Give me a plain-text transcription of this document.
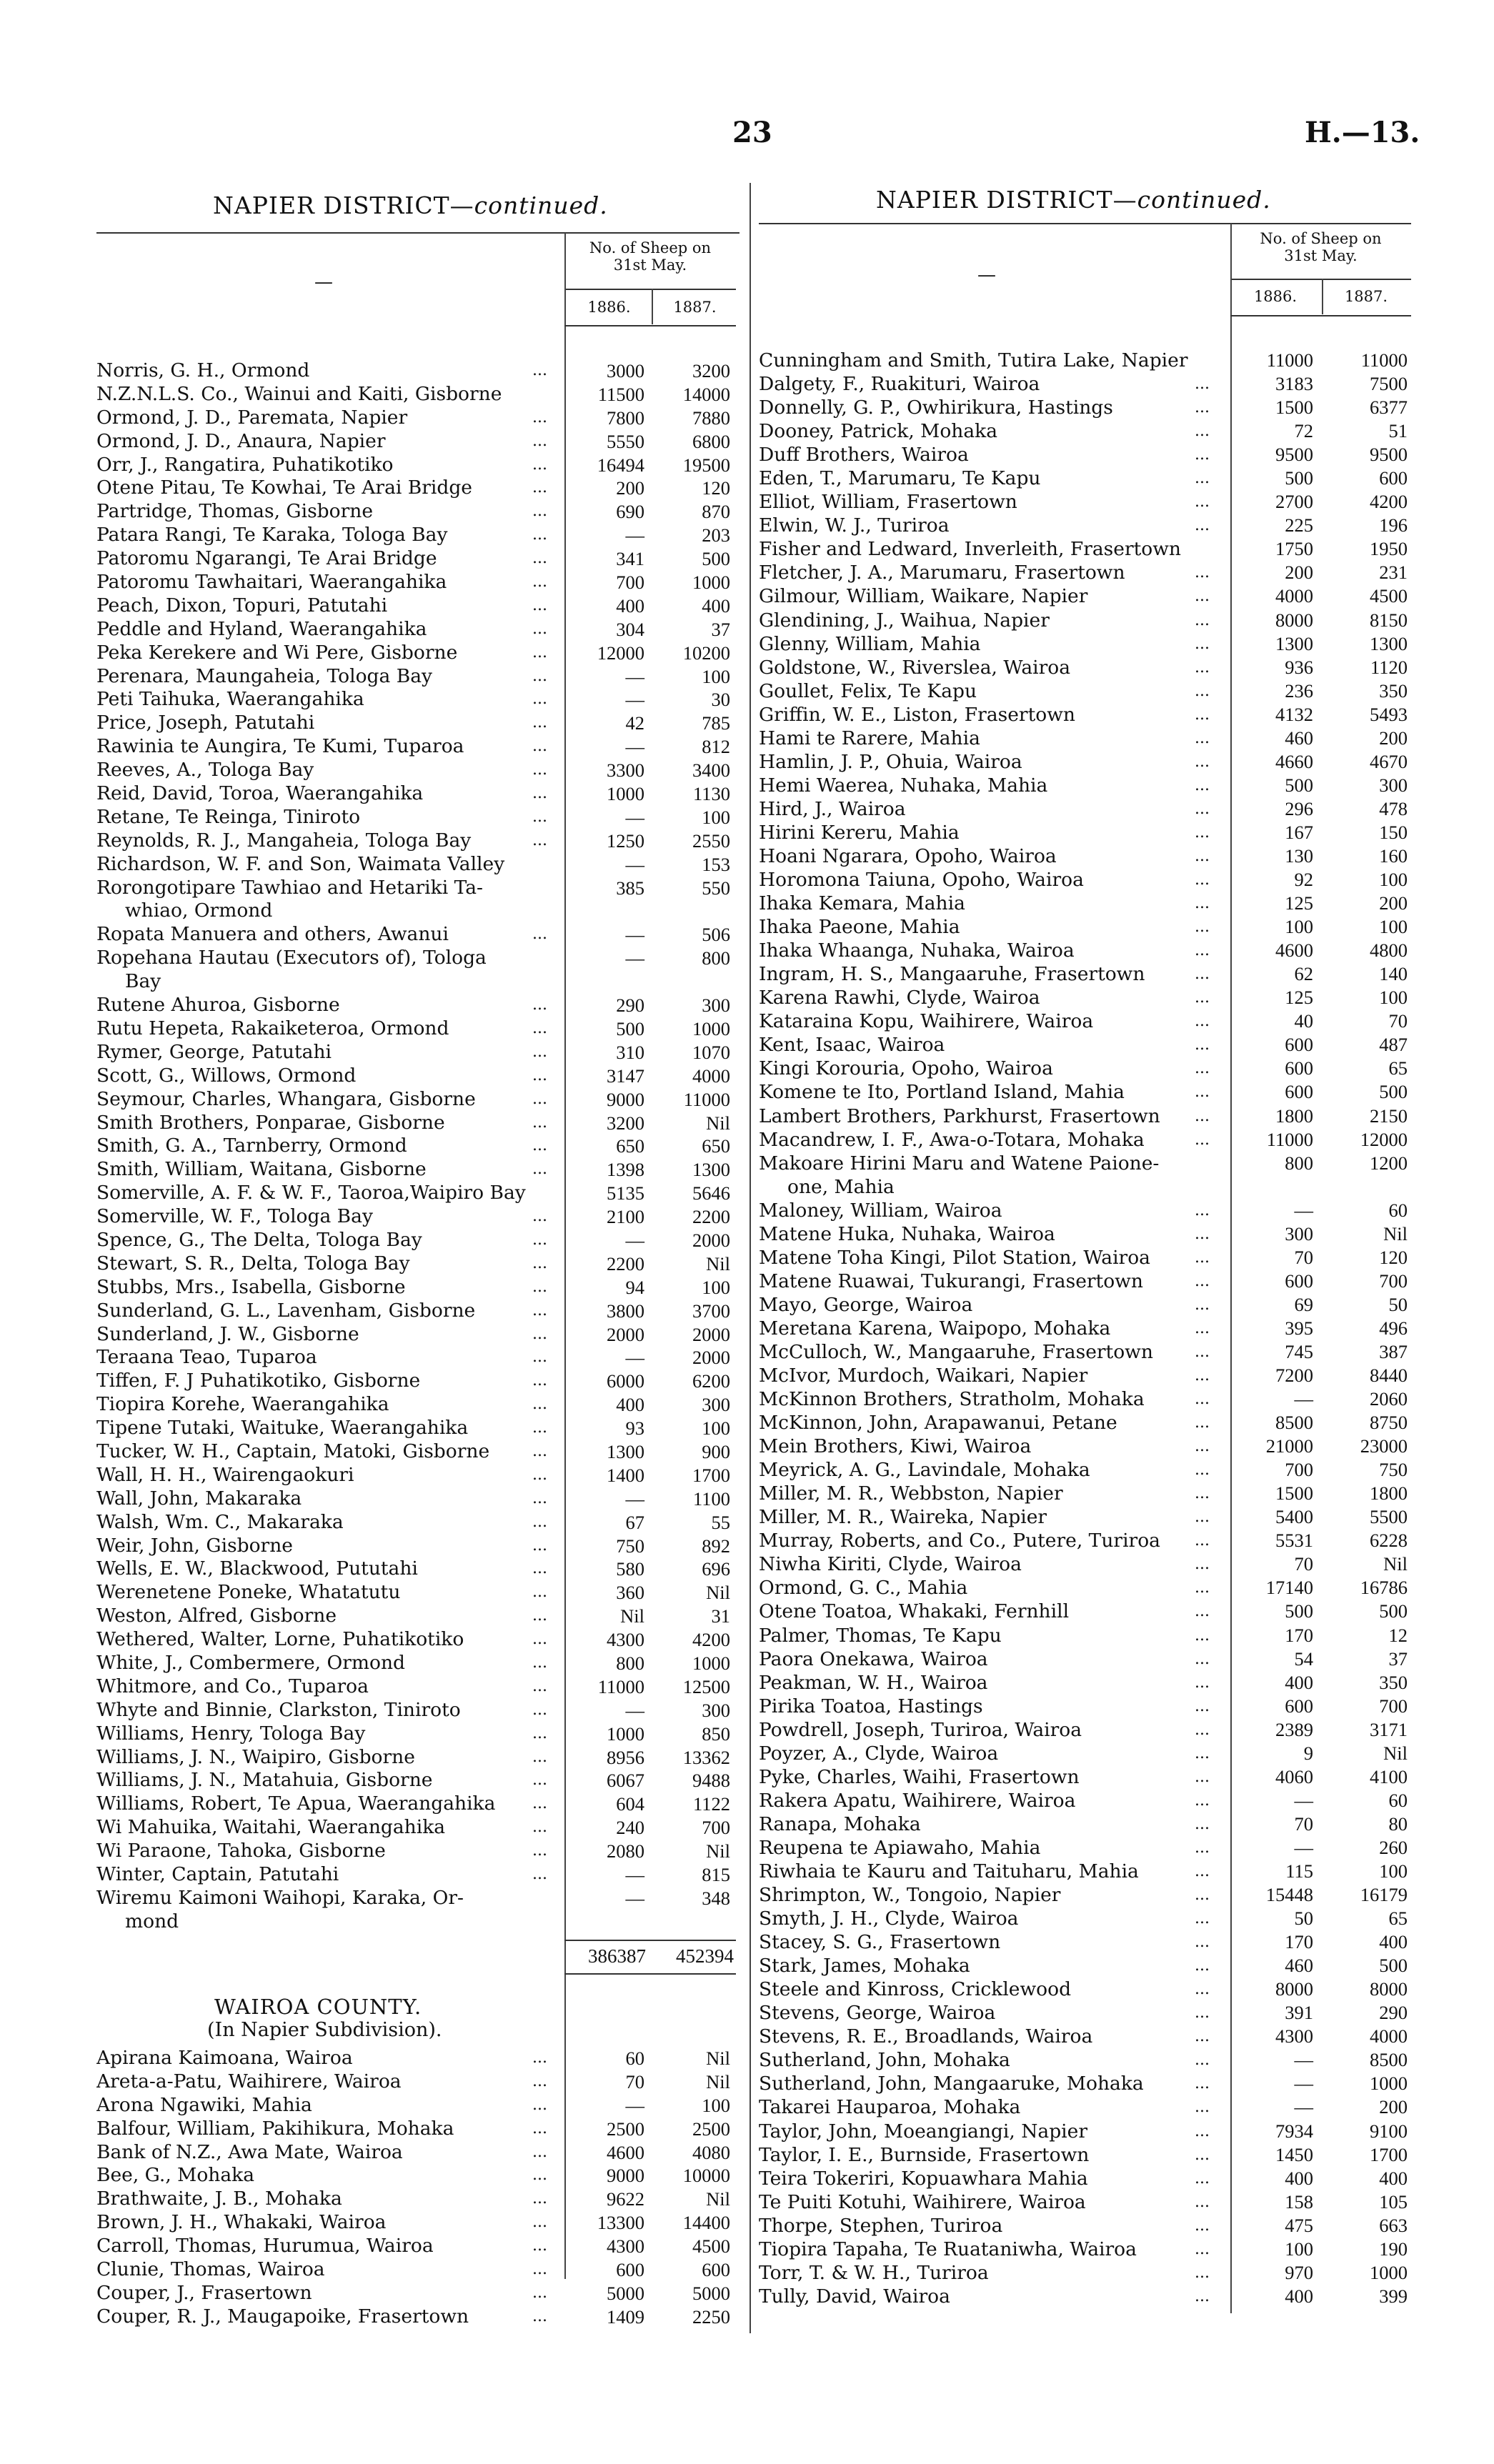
23	H.—13.
NAPIER DISTRICT—continued.	NAPIER DISTRICT—continued.
No. of Sheep on
31st May.
—
1886.	1887.
No. of Sheep on
31st May.
—
1886.	1887.
Norris, G. H., Ormond	...	3000	3200
N.Z.N.L.S. Co., Wainui and Kaiti, Gisborne	11500	14000
Ormond, J. D., Paremata, Napier	...	7800	7880
Ormond, J. D., Anaura, Napier	...	5550	6800
Orr, J., Rangatira, Puhatikotiko	...	16494	19500
Otene Pitau, Te Kowhai, Te Arai Bridge	...	200	120
Partridge, Thomas, Gisborne	...	690	870
Patara Rangi, Te Karaka, Tologa Bay	...	—	203
Patoromu Ngarangi, Te Arai Bridge	...	341	500
Patoromu Tawhaitari, Waerangahika	...	700	1000
Peach, Dixon, Topuri, Patutahi	...	400	400
Peddle and Hyland, Waerangahika	...	304	37
Peka Kerekere and Wi Pere, Gisborne	...	12000	10200
Perenara, Maungaheia, Tologa Bay	...	—	100
Peti Taihuka, Waerangahika	...	—	30
Price, Joseph, Patutahi	...	42	785
Rawinia te Aungira, Te Kumi, Tuparoa	...	—	812
Reeves, A., Tologa Bay	...	3300	3400
Reid, David, Toroa, Waerangahika	...	1000	1130
Retane, Te Reinga, Tiniroto	...	—	100
Reynolds, R. J., Mangaheia, Tologa Bay	...	1250	2550
Richardson, W. F. and Son, Waimata Valley	—	153
Rorongotipare Tawhiao and Hetariki Ta-	385	550
whiao, Ormond
Ropata Manuera and others, Awanui	...	—	506
Ropehana Hautau (Executors of), Tologa	—	800
Bay
Rutene Ahuroa, Gisborne	...	290	300
Rutu Hepeta, Rakaiketeroa, Ormond	...	500	1000
Rymer, George, Patutahi	...	310	1070
Scott, G., Willows, Ormond	...	3147	4000
Seymour, Charles, Whangara, Gisborne	...	9000	11000
Smith Brothers, Ponparae, Gisborne	...	3200	Nil
Smith, G. A., Tarnberry, Ormond	...	650	650
Smith, William, Waitana, Gisborne	...	1398	1300
Somerville, A. F. & W. F., Taoroa,Waipiro Bay	5135	5646
Somerville, W. F., Tologa Bay	...	2100	2200
Spence, G., The Delta, Tologa Bay	...	—	2000
Stewart, S. R., Delta, Tologa Bay	...	2200	Nil
Stubbs, Mrs., Isabella, Gisborne	...	94	100
Sunderland, G. L., Lavenham, Gisborne	...	3800	3700
Sunderland, J. W., Gisborne	...	2000	2000
Teraana Teao, Tuparoa	...	—	2000
Tiffen, F. J Puhatikotiko, Gisborne	...	6000	6200
Tiopira Korehe, Waerangahika	...	400	300
Tipene Tutaki, Waituke, Waerangahika	...	93	100
Tucker, W. H., Captain, Matoki, Gisborne	...	1300	900
Wall, H. H., Wairengaokuri	...	1400	1700
Wall, John, Makaraka	...	—	1100
Walsh, Wm. C., Makaraka	...	67	55
Weir, John, Gisborne	...	750	892
Wells, E. W., Blackwood, Pututahi	...	580	696
Werenetene Poneke, Whatatutu	...	360	Nil
Weston, Alfred, Gisborne	...	Nil	31
Wethered, Walter, Lorne, Puhatikotiko	...	4300	4200
White, J., Combermere, Ormond	...	800	1000
Whitmore, and Co., Tuparoa	...	11000	12500
Whyte and Binnie, Clarkston, Tiniroto	...	—	300
Williams, Henry, Tologa Bay	...	1000	850
Williams, J. N., Waipiro, Gisborne	...	8956	13362
Williams, J. N., Matahuia, Gisborne	...	6067	9488
Williams, Robert, Te Apua, Waerangahika	...	604	1122
Wi Mahuika, Waitahi, Waerangahika	...	240	700
Wi Paraone, Tahoka, Gisborne	...	2080	Nil
Winter, Captain, Patutahi	...	—	815
Wiremu Kaimoni Waihopi, Karaka, Or-	—	348
mond
386387	452394
WAIROA COUNTY.
(In Napier Subdivision).
Apirana Kaimoana, Wairoa	...	60	Nil
Areta-a-Patu, Waihirere, Wairoa	...	70	Nil
Arona Ngawiki, Mahia	...	—	100
Balfour, William, Pakihikura, Mohaka	...	2500	2500
Bank of N.Z., Awa Mate, Wairoa	...	4600	4080
Bee, G., Mohaka	...	9000	10000
Brathwaite, J. B., Mohaka	...	9622	Nil
Brown, J. H., Whakaki, Wairoa	...	13300	14400
Carroll, Thomas, Hurumua, Wairoa	...	4300	4500
Clunie, Thomas, Wairoa	...	600	600
Couper, J., Frasertown	...	5000	5000
Couper, R. J., Maugapoike, Frasertown	...	1409	2250
Cunningham and Smith, Tutira Lake, Napier	11000	11000
Dalgety, F., Ruakituri, Wairoa	...	3183	7500
Donnelly, G. P., Owhirikura, Hastings	...	1500	6377
Dooney, Patrick, Mohaka	...	72	51
Duff Brothers, Wairoa	...	9500	9500
Eden, T., Marumaru, Te Kapu	...	500	600
Elliot, William, Frasertown	...	2700	4200
Elwin, W. J., Turiroa	...	225	196
Fisher and Ledward, Inverleith, Frasertown	1750	1950
Fletcher, J. A., Marumaru, Frasertown	...	200	231
Gilmour, William, Waikare, Napier	...	4000	4500
Glendining, J., Waihua, Napier	...	8000	8150
Glenny, William, Mahia	...	1300	1300
Goldstone, W., Riverslea, Wairoa	...	936	1120
Goullet, Felix, Te Kapu	...	236	350
Griffin, W. E., Liston, Frasertown	...	4132	5493
Hami te Rarere, Mahia	...	460	200
Hamlin, J. P., Ohuia, Wairoa	...	4660	4670
Hemi Waerea, Nuhaka, Mahia	...	500	300
Hird, J., Wairoa	...	296	478
Hirini Kereru, Mahia	...	167	150
Hoani Ngarara, Opoho, Wairoa	...	130	160
Horomona Taiuna, Opoho, Wairoa	...	92	100
Ihaka Kemara, Mahia	...	125	200
Ihaka Paeone, Mahia	...	100	100
Ihaka Whaanga, Nuhaka, Wairoa	...	4600	4800
Ingram, H. S., Mangaaruhe, Frasertown	...	62	140
Karena Rawhi, Clyde, Wairoa	...	125	100
Kataraina Kopu, Waihirere, Wairoa	...	40	70
Kent, Isaac, Wairoa	...	600	487
Kingi Korouria, Opoho, Wairoa	...	600	65
Komene te Ito, Portland Island, Mahia	...	600	500
Lambert Brothers, Parkhurst, Frasertown	...	1800	2150
Macandrew, I. F., Awa-o-Totara, Mohaka	...	11000	12000
Makoare Hirini Maru and Watene Paione-	800	1200
one, Mahia
Maloney, William, Wairoa	...	—	60
Matene Huka, Nuhaka, Wairoa	...	300	Nil
Matene Toha Kingi, Pilot Station, Wairoa	...	70	120
Matene Ruawai, Tukurangi, Frasertown	...	600	700
Mayo, George, Wairoa	...	69	50
Meretana Karena, Waipopo, Mohaka	...	395	496
McCulloch, W., Mangaaruhe, Frasertown	...	745	387
McIvor, Murdoch, Waikari, Napier	...	7200	8440
McKinnon Brothers, Stratholm, Mohaka	...	—	2060
McKinnon, John, Arapawanui, Petane	...	8500	8750
Mein Brothers, Kiwi, Wairoa	...	21000	23000
Meyrick, A. G., Lavindale, Mohaka	...	700	750
Miller, M. R., Webbston, Napier	...	1500	1800
Miller, M. R., Waireka, Napier	...	5400	5500
Murray, Roberts, and Co., Putere, Turiroa	...	5531	6228
Niwha Kiriti, Clyde, Wairoa	...	70	Nil
Ormond, G. C., Mahia	...	17140	16786
Otene Toatoa, Whakaki, Fernhill	...	500	500
Palmer, Thomas, Te Kapu	...	170	12
Paora Onekawa, Wairoa	...	54	37
Peakman, W. H., Wairoa	...	400	350
Pirika Toatoa, Hastings	...	600	700
Powdrell, Joseph, Turiroa, Wairoa	...	2389	3171
Poyzer, A., Clyde, Wairoa	...	9	Nil
Pyke, Charles, Waihi, Frasertown	...	4060	4100
Rakera Apatu, Waihirere, Wairoa	...	—	60
Ranapa, Mohaka	...	70	80
Reupena te Apiawaho, Mahia	...	—	260
Riwhaia te Kauru and Taituharu, Mahia	...	115	100
Shrimpton, W., Tongoio, Napier	...	15448	16179
Smyth, J. H., Clyde, Wairoa	...	50	65
Stacey, S. G., Frasertown	...	170	400
Stark, James, Mohaka	...	460	500
Steele and Kinross, Cricklewood	...	8000	8000
Stevens, George, Wairoa	...	391	290
Stevens, R. E., Broadlands, Wairoa	...	4300	4000
Sutherland, John, Mohaka	...	—	8500
Sutherland, John, Mangaaruke, Mohaka	...	—	1000
Takarei Hauparoa, Mohaka	...	—	200
Taylor, John, Moeangiangi, Napier	...	7934	9100
Taylor, I. E., Burnside, Frasertown	...	1450	1700
Teira Tokeriri, Kopuawhara Mahia	...	400	400
Te Puiti Kotuhi, Waihirere, Wairoa	...	158	105
Thorpe, Stephen, Turiroa	...	475	663
Tiopira Tapaha, Te Ruataniwha, Wairoa	...	100	190
Torr, T. & W. H., Turiroa	...	970	1000
Tully, David, Wairoa	...	400	399
